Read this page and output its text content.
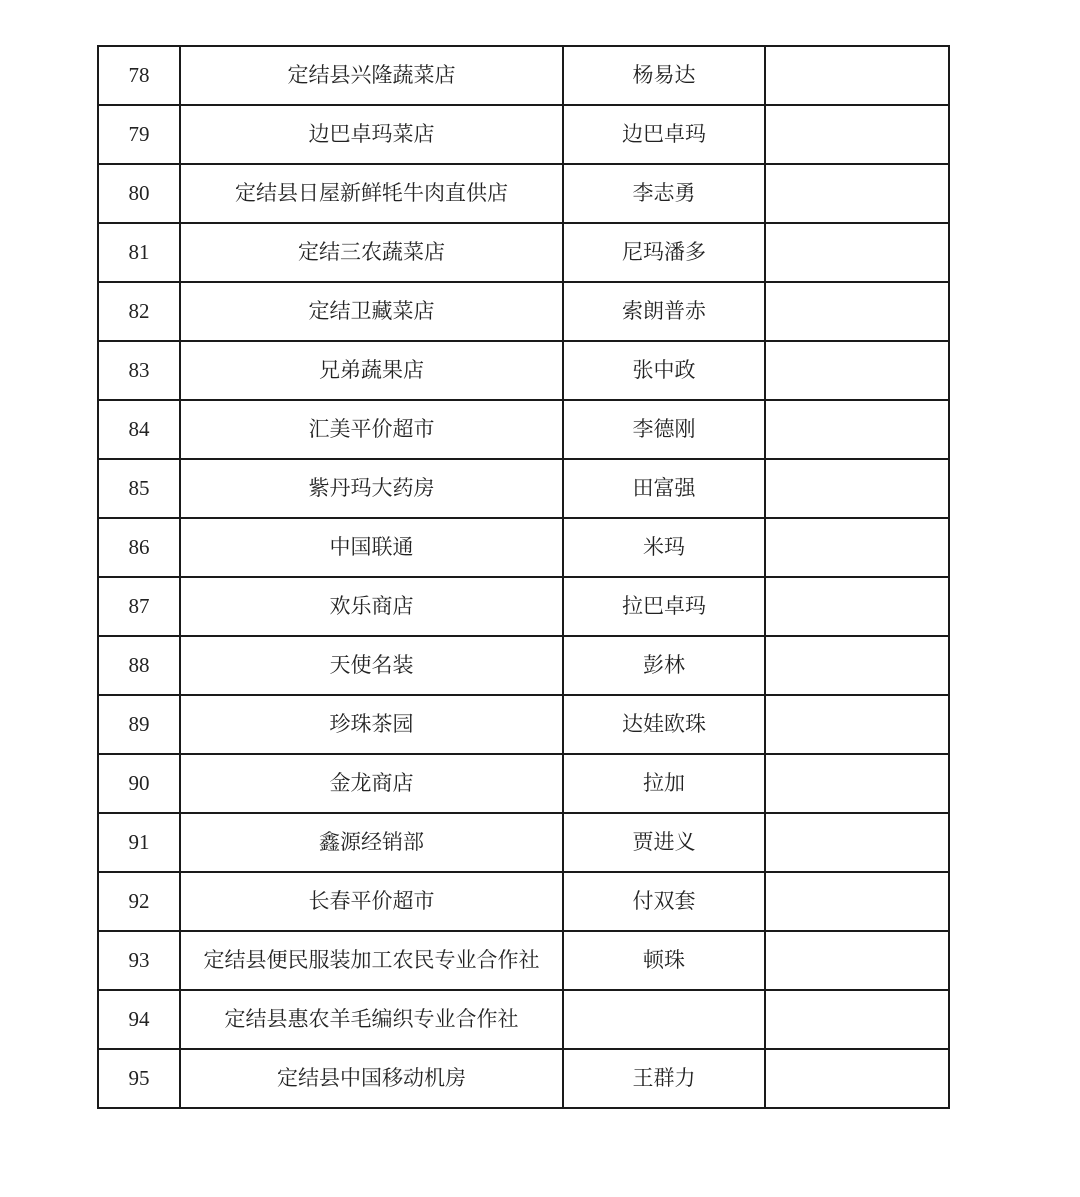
78	定结县兴隆蔬菜店	杨易达	
79	边巴卓玛菜店	边巴卓玛	
80	定结县日屋新鲜牦牛肉直供店	李志勇	
81	定结三农蔬菜店	尼玛潘多	
82	定结卫藏菜店	索朗普赤	
83	兄弟蔬果店	张中政	
84	汇美平价超市	李德刚	
85	紫丹玛大药房	田富强	
86	中国联通	米玛	
87	欢乐商店	拉巴卓玛	
88	天使名装	彭林	
89	珍珠茶园	达娃欧珠	
90	金龙商店	拉加	
91	鑫源经销部	贾进义	
92	长春平价超市	付双套	
93	定结县便民服装加工农民专业合作社	顿珠	
94	定结县惠农羊毛编织专业合作社		
95	定结县中国移动机房	王群力	
